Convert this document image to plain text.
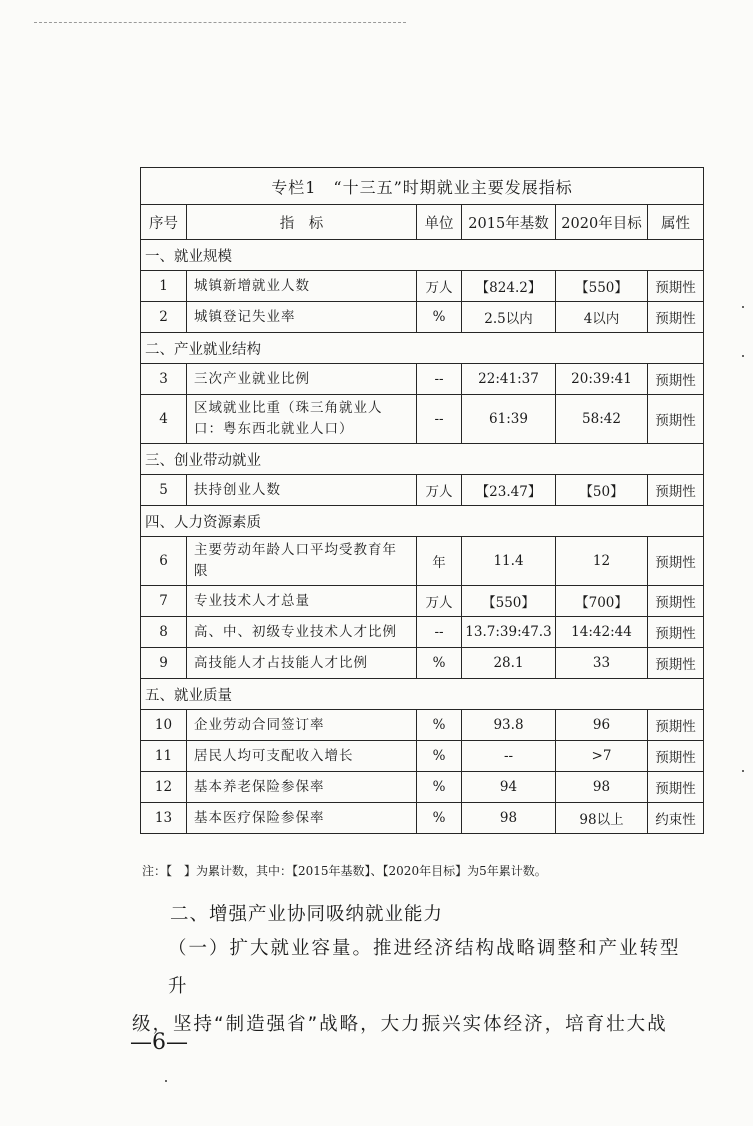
专栏1　“十三五”时期就业主要发展指标					
序号	指　标	单位	2015年基数	2020年目标	属性
一、就业规模					
1	城镇新增就业人数	万人	【824.2】	【550】	预期性
2	城镇登记失业率	%	2.5以内	4以内	预期性
二、产业就业结构					
3	三次产业就业比例	--	22:41:37	20:39:41	预期性
4	区域就业比重（珠三角就业人口：粤东西北就业人口）	--	61:39	58:42	预期性
三、创业带动就业					
5	扶持创业人数	万人	【23.47】	【50】	预期性
四、人力资源素质					
6	主要劳动年龄人口平均受教育年限	年	11.4	12	预期性
7	专业技术人才总量	万人	【550】	【700】	预期性
8	高、中、初级专业技术人才比例	--	13.7:39:47.3	14:42:44	预期性
9	高技能人才占技能人才比例	%	28.1	33	预期性
五、就业质量					
10	企业劳动合同签订率	%	93.8	96	预期性
11	居民人均可支配收入增长	%	--	>7	预期性
12	基本养老保险参保率	%	94	98	预期性
13	基本医疗保险参保率	%	98	98以上	约束性
注：【　】为累计数，其中：【2015年基数】、【2020年目标】为5年累计数。
二、增强产业协同吸纳就业能力
（一）扩大就业容量。推进经济结构战略调整和产业转型升
级，坚持“制造强省”战略，大力振兴实体经济，培育壮大战
—6—
